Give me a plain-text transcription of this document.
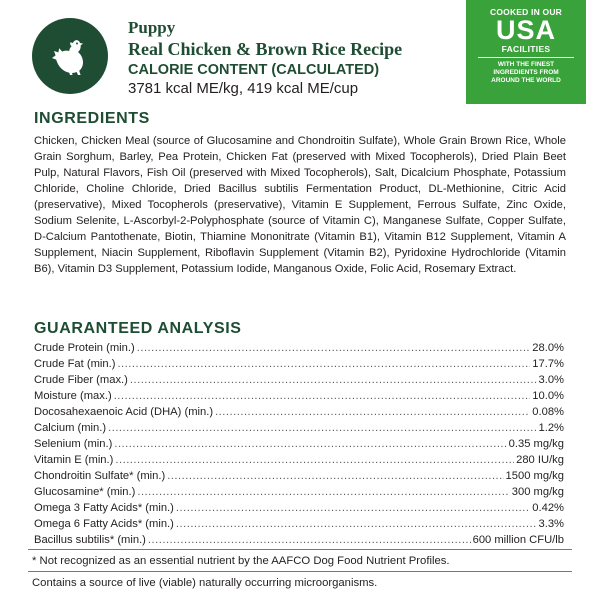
Puppy
Real Chicken & Brown Rice Recipe
CALORIE CONTENT (CALCULATED)
3781 kcal ME/kg, 419 kcal ME/cup
COOKED IN OUR
USA
FACILITIES
WITH THE FINEST
INGREDIENTS FROM
AROUND THE WORLD
INGREDIENTS
Chicken, Chicken Meal (source of Glucosamine and Chondroitin Sulfate), Whole Grain Brown Rice, Whole Grain Sorghum, Barley, Pea Protein, Chicken Fat (preserved with Mixed Tocopherols), Dried Plain Beet Pulp, Natural Flavors, Fish Oil (preserved with Mixed Tocopherols), Salt, Dicalcium Phosphate, Potassium Chloride, Choline Chloride, Dried Bacillus subtilis Fermentation Product, DL-Methionine, Citric Acid (preservative), Mixed Tocopherols (preservative), Vitamin E Supplement, Ferrous Sulfate, Zinc Oxide, Sodium Selenite, L-Ascorbyl-2-Polyphosphate (source of Vitamin C), Manganese Sulfate, Copper Sulfate, D-Calcium Pantothenate, Biotin, Thiamine Mononitrate (Vitamin B1), Vitamin B12 Supplement, Vitamin A Supplement, Niacin Supplement, Riboflavin Supplement (Vitamin B2), Pyridoxine Hydrochloride (Vitamin B6), Vitamin D3 Supplement, Potassium Iodide, Manganous Oxide, Folic Acid, Rosemary Extract.
GUARANTEED ANALYSIS
Crude Protein (min.) .....	28.0%
Crude Fat (min.) .....	17.7%
Crude Fiber (max.) .....	3.0%
Moisture (max.) .....	10.0%
Docosahexaenoic Acid (DHA) (min.) .....	0.08%
Calcium (min.) .....	1.2%
Selenium (min.) .....	0.35 mg/kg
Vitamin E (min.) .....	280 IU/kg
Chondroitin Sulfate* (min.) .....	1500 mg/kg
Glucosamine* (min.) .....	300 mg/kg
Omega 3 Fatty Acids* (min.) .....	0.42%
Omega 6 Fatty Acids* (min.) .....	3.3%
Bacillus subtilis* (min.) .....	600 million CFU/lb
* Not recognized as an essential nutrient by the AAFCO Dog Food Nutrient Profiles.
Contains a source of live (viable) naturally occurring microorganisms.
